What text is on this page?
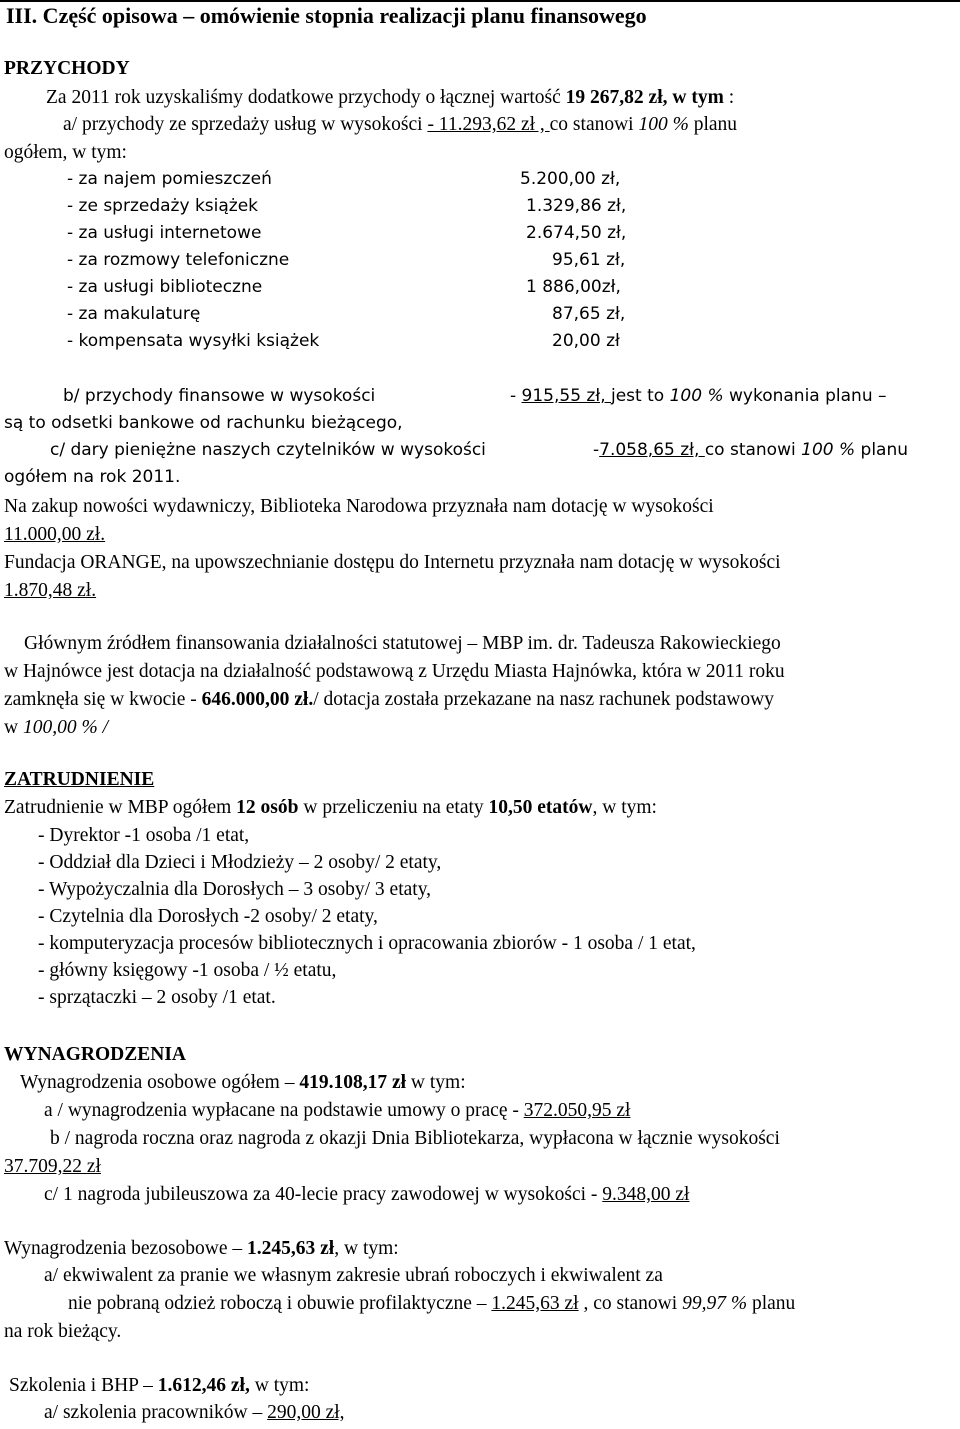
III. Część opisowa – omówienie stopnia realizacji planu finansowego
PRZYCHODY
Za 2011 rok uzyskaliśmy dodatkowe przychody o łącznej wartość 19 267,82 zł, w tym :
a/ przychody ze sprzedaży usług w wysokości - 11.293,62 zł , co stanowi 100 % planu
ogółem, w tym:
- za najem pomieszczeń	5.200,00 zł,
- ze sprzedaży książek	1.329,86 zł,
- za usługi internetowe	2.674,50 zł,
- za rozmowy telefoniczne	95,61 zł,
- za usługi biblioteczne	1 886,00zł,
- za makulaturę	87,65 zł,
- kompensata wysyłki książek	20,00 zł
b/ przychody finansowe w wysokości	- 915,55 zł, jest to 100 % wykonania planu –
są to odsetki bankowe od rachunku bieżącego,
c/ dary pieniężne naszych czytelników w wysokości	-7.058,65 zł, co stanowi 100 % planu
ogółem na rok 2011.
Na zakup nowości wydawniczy, Biblioteka Narodowa przyznała nam dotację w wysokości
11.000,00 zł.
Fundacja ORANGE, na upowszechnianie dostępu do Internetu przyznała nam dotację w wysokości
1.870,48 zł.
Głównym źródłem finansowania działalności statutowej – MBP im. dr. Tadeusza Rakowieckiego
w Hajnówce jest dotacja na działalność podstawową z Urzędu Miasta Hajnówka, która w 2011 roku
zamknęła się w kwocie - 646.000,00 zł./ dotacja została przekazane na nasz rachunek podstawowy
w 100,00 % /
ZATRUDNIENIE
Zatrudnienie w MBP ogółem 12 osób w przeliczeniu na etaty 10,50 etatów, w tym:
- Dyrektor -1 osoba /1 etat,
- Oddział dla Dzieci i Młodzieży – 2 osoby/ 2 etaty,
- Wypożyczalnia dla Dorosłych – 3 osoby/ 3 etaty,
- Czytelnia dla Dorosłych -2 osoby/ 2 etaty,
- komputeryzacja procesów bibliotecznych i opracowania zbiorów - 1 osoba / 1 etat,
- główny księgowy -1 osoba / ½ etatu,
- sprzątaczki – 2 osoby /1 etat.
WYNAGRODZENIA
Wynagrodzenia osobowe ogółem – 419.108,17 zł w tym:
a / wynagrodzenia wypłacane na podstawie umowy o pracę - 372.050,95 zł
b / nagroda roczna oraz nagroda z okazji Dnia Bibliotekarza, wypłacona w łącznie wysokości
37.709,22 zł
c/ 1 nagroda jubileuszowa za 40-lecie pracy zawodowej w wysokości - 9.348,00 zł
Wynagrodzenia bezosobowe – 1.245,63 zł, w tym:
a/ ekwiwalent za pranie we własnym zakresie ubrań roboczych i ekwiwalent za
nie pobraną odzież roboczą i obuwie profilaktyczne – 1.245,63 zł , co stanowi 99,97 % planu
na rok bieżący.
Szkolenia i BHP – 1.612,46 zł, w tym:
a/ szkolenia pracowników – 290,00 zł,
